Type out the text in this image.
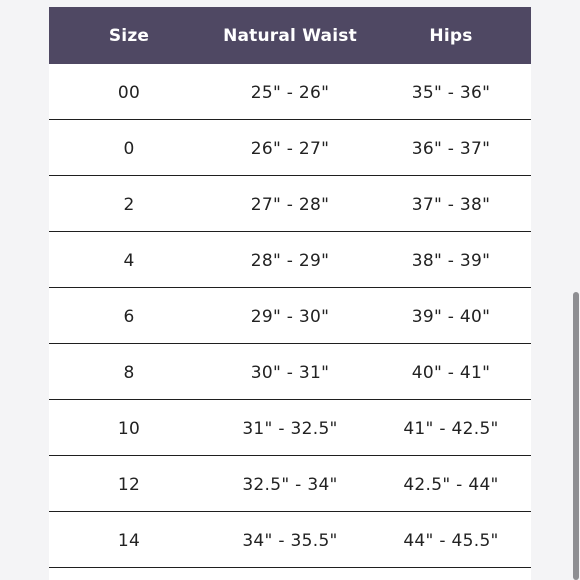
Size	Natural Waist	Hips
00	25" - 26"	35" - 36"
0	26" - 27"	36" - 37"
2	27" - 28"	37" - 38"
4	28" - 29"	38" - 39"
6	29" - 30"	39" - 40"
8	30" - 31"	40" - 41"
10	31" - 32.5"	41" - 42.5"
12	32.5" - 34"	42.5" - 44"
14	34" - 35.5"	44" - 45.5"
